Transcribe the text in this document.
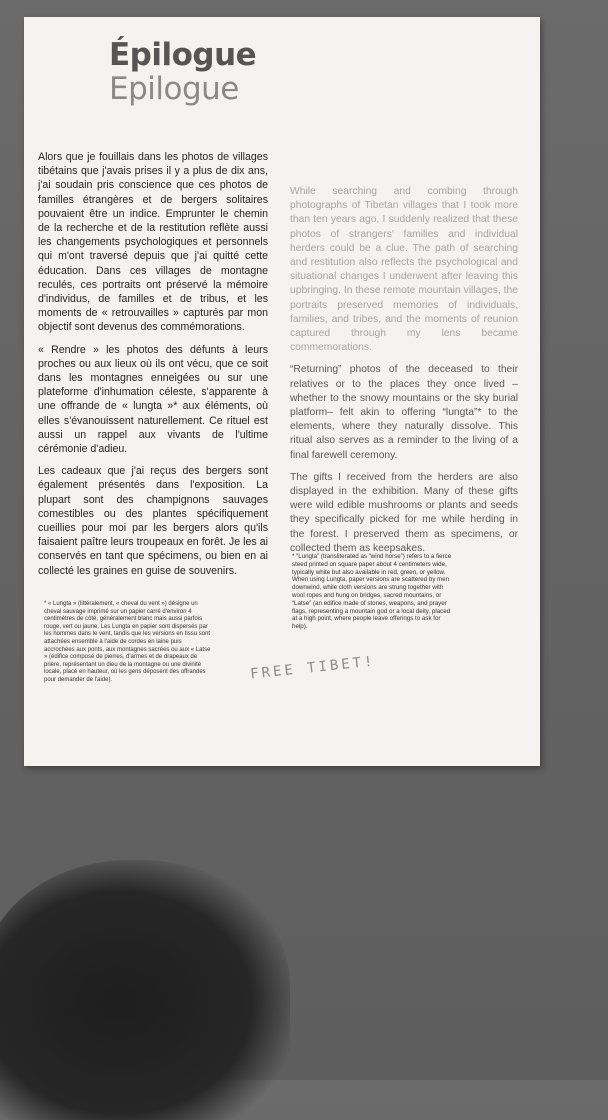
Épilogue
Epilogue

Alors que je fouillais dans les photos de villages tibétains que j'avais prises il y a plus de dix ans, j'ai soudain pris conscience que ces photos de familles étrangères et de bergers solitaires pouvaient être un indice. Emprunter le chemin de la recherche et de la restitution reflète aussi les changements psychologiques et personnels qui m'ont traversé depuis que j'ai quitté cette éducation. Dans ces villages de montagne reculés, ces portraits ont préservé la mémoire d'individus, de familles et de tribus, et les moments de « retrouvailles » capturés par mon objectif sont devenus des commémorations.

« Rendre » les photos des défunts à leurs proches ou aux lieux où ils ont vécu, que ce soit dans les montagnes enneigées ou sur une plateforme d'inhumation céleste, s'apparente à une offrande de « lungta »* aux éléments, où elles s'évanouissent naturellement. Ce rituel est aussi un rappel aux vivants de l'ultime cérémonie d'adieu.

Les cadeaux que j'ai reçus des bergers sont également présentés dans l'exposition. La plupart sont des champignons sauvages comestibles ou des plantes spécifiquement cueillies pour moi par les bergers alors qu'ils faisaient paître leurs troupeaux en forêt. Je les ai conservés en tant que spécimens, ou bien en ai collecté les graines en guise de souvenirs.

While searching and combing through photographs of Tibetan villages that I took more than ten years ago, I suddenly realized that these photos of strangers' families and individual herders could be a clue. The path of searching and restitution also reflects the psychological and situational changes I underwent after leaving this upbringing. In these remote mountain villages, the portraits preserved memories of individuals, families, and tribes, and the moments of reunion captured through my lens became commemorations.

“Returning” photos of the deceased to their relatives or to the places they once lived –whether to the snowy mountains or the sky burial platform– felt akin to offering “lungta”* to the elements, where they naturally dissolve. This ritual also serves as a reminder to the living of a final farewell ceremony.

The gifts I received from the herders are also displayed in the exhibition. Many of these gifts were wild edible mushrooms or plants and seeds they specifically picked for me while herding in the forest. I preserved them as specimens, or collected them as keepsakes.

* « Lungta » (littéralement, « cheval du vent ») désigne un cheval sauvage imprimé sur un papier carré d'environ 4 centimètres de côté, généralement blanc mais aussi parfois rouge, vert ou jaune. Les Lungta en papier sont dispersés par les hommes dans le vent, tandis que les versions en tissu sont attachées ensemble à l'aide de cordes en laine puis accrochées aux ponts, aux montagnes sacrées ou aux « Latse » (édifice composé de pierres, d'armes et de drapeaux de prière, représentant un dieu de la montagne ou une divinité locale, placé en hauteur, où les gens déposent des offrandes pour demander de l'aide).
* “Lungta” (transliterated as “wind horse”) refers to a fierce steed printed on square paper about 4 centimeters wide, typically white but also available in red, green, or yellow. When using Lungta, paper versions are scattered by men downwind, while cloth versions are strung together with wool ropes and hung on bridges, sacred mountains, or “Latse” (an edifice made of stones, weapons, and prayer flags, representing a mountain god or a local deity, placed at a high point, where people leave offerings to ask for help).
FREE TIBET!
